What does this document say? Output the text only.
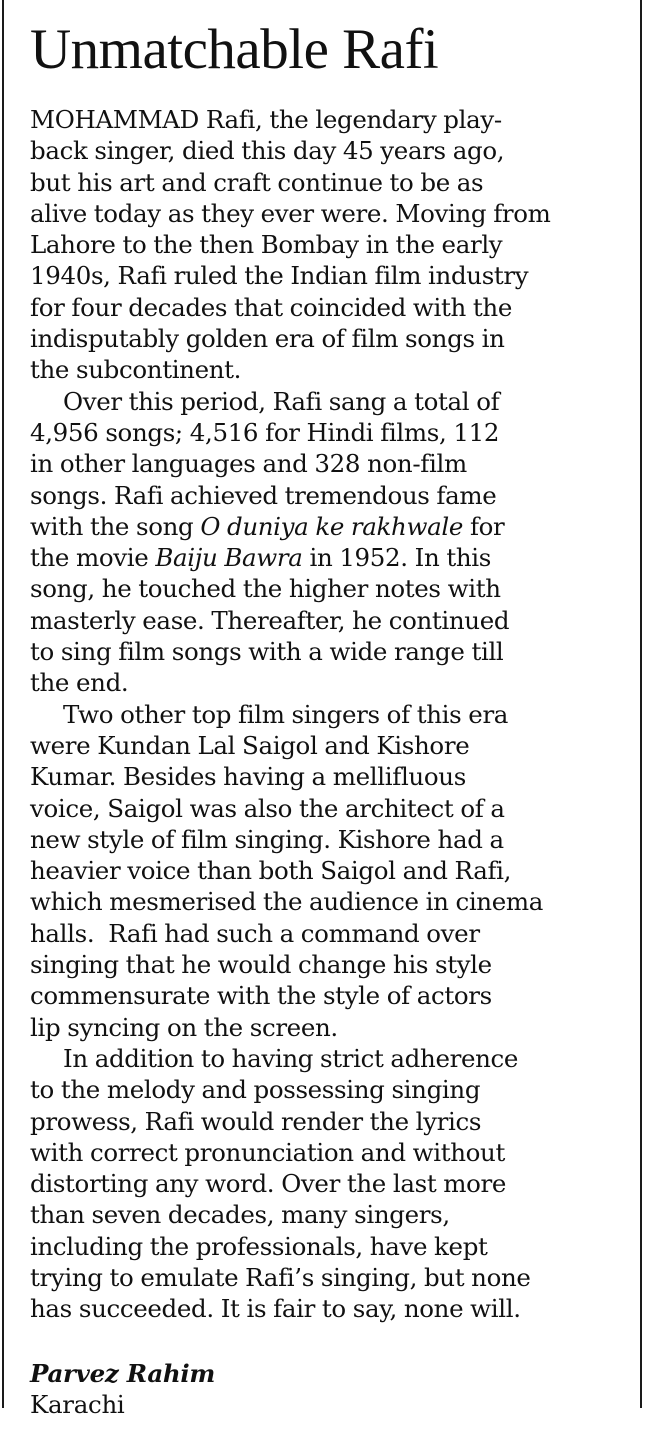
Unmatchable Rafi

MOHAMMAD Rafi, the legendary play-
back singer, died this day 45 years ago,
but his art and craft continue to be as
alive today as they ever were. Moving from
Lahore to the then Bombay in the early
1940s, Rafi ruled the Indian film industry
for four decades that coincided with the
indisputably golden era of film songs in
the subcontinent.

Over this period, Rafi sang a total of
4,956 songs; 4,516 for Hindi films, 112
in other languages and 328 non-film
songs. Rafi achieved tremendous fame
with the song O duniya ke rakhwale for
the movie Baiju Bawra in 1952. In this
song, he touched the higher notes with
masterly ease. Thereafter, he continued
to sing film songs with a wide range till
the end.

Two other top film singers of this era
were Kundan Lal Saigol and Kishore
Kumar. Besides having a mellifluous
voice, Saigol was also the architect of a
new style of film singing. Kishore had a
heavier voice than both Saigol and Rafi,
which mesmerised the audience in cinema
halls.  Rafi had such a command over
singing that he would change his style
commensurate with the style of actors
lip syncing on the screen.

In addition to having strict adherence
to the melody and possessing singing
prowess, Rafi would render the lyrics
with correct pronunciation and without
distorting any word. Over the last more
than seven decades, many singers,
including the professionals, have kept
trying to emulate Rafi’s singing, but none
has succeeded. It is fair to say, none will.

Parvez Rahim
Karachi
